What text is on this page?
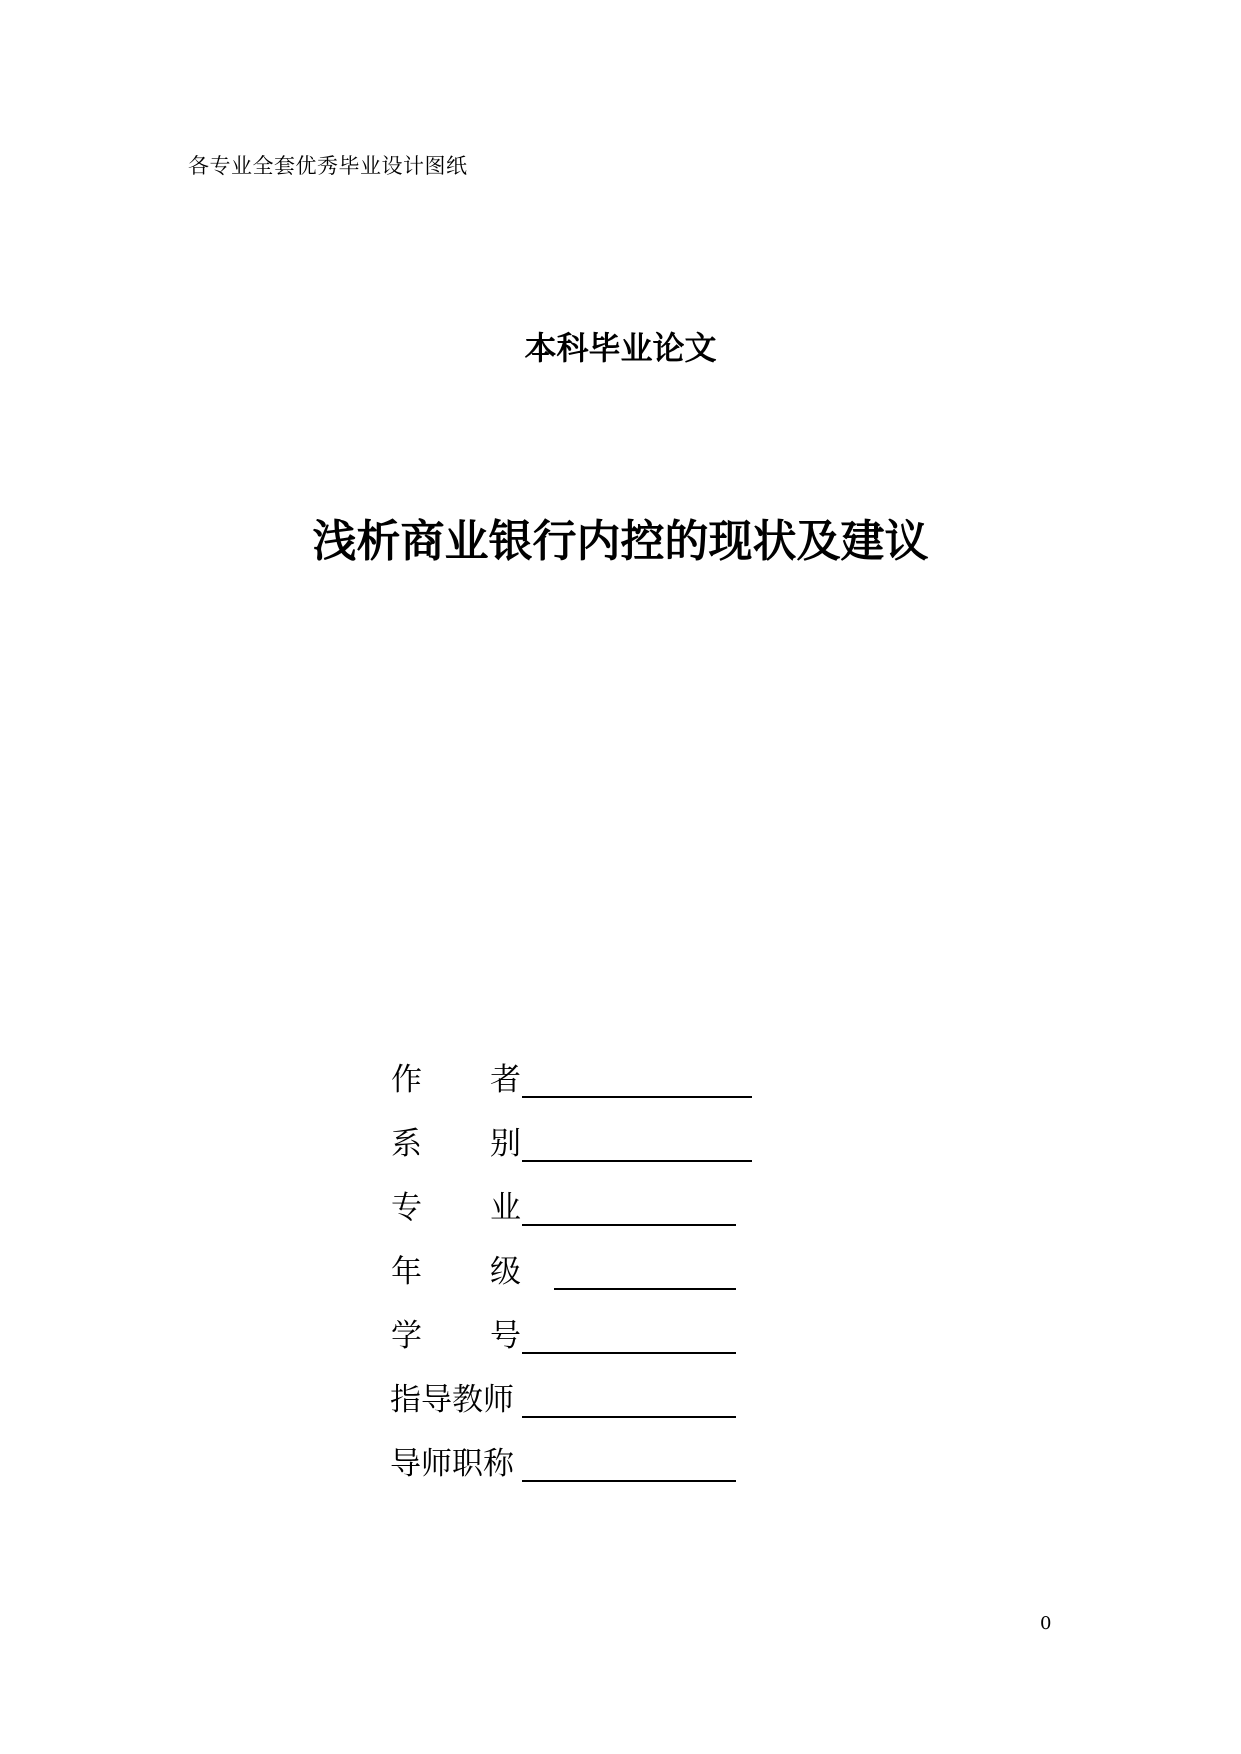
各专业全套优秀毕业设计图纸
本科毕业论文
浅析商业银行内控的现状及建议
作 者
系 别
专 业
年 级
学 号
指导教师
导师职称
0
